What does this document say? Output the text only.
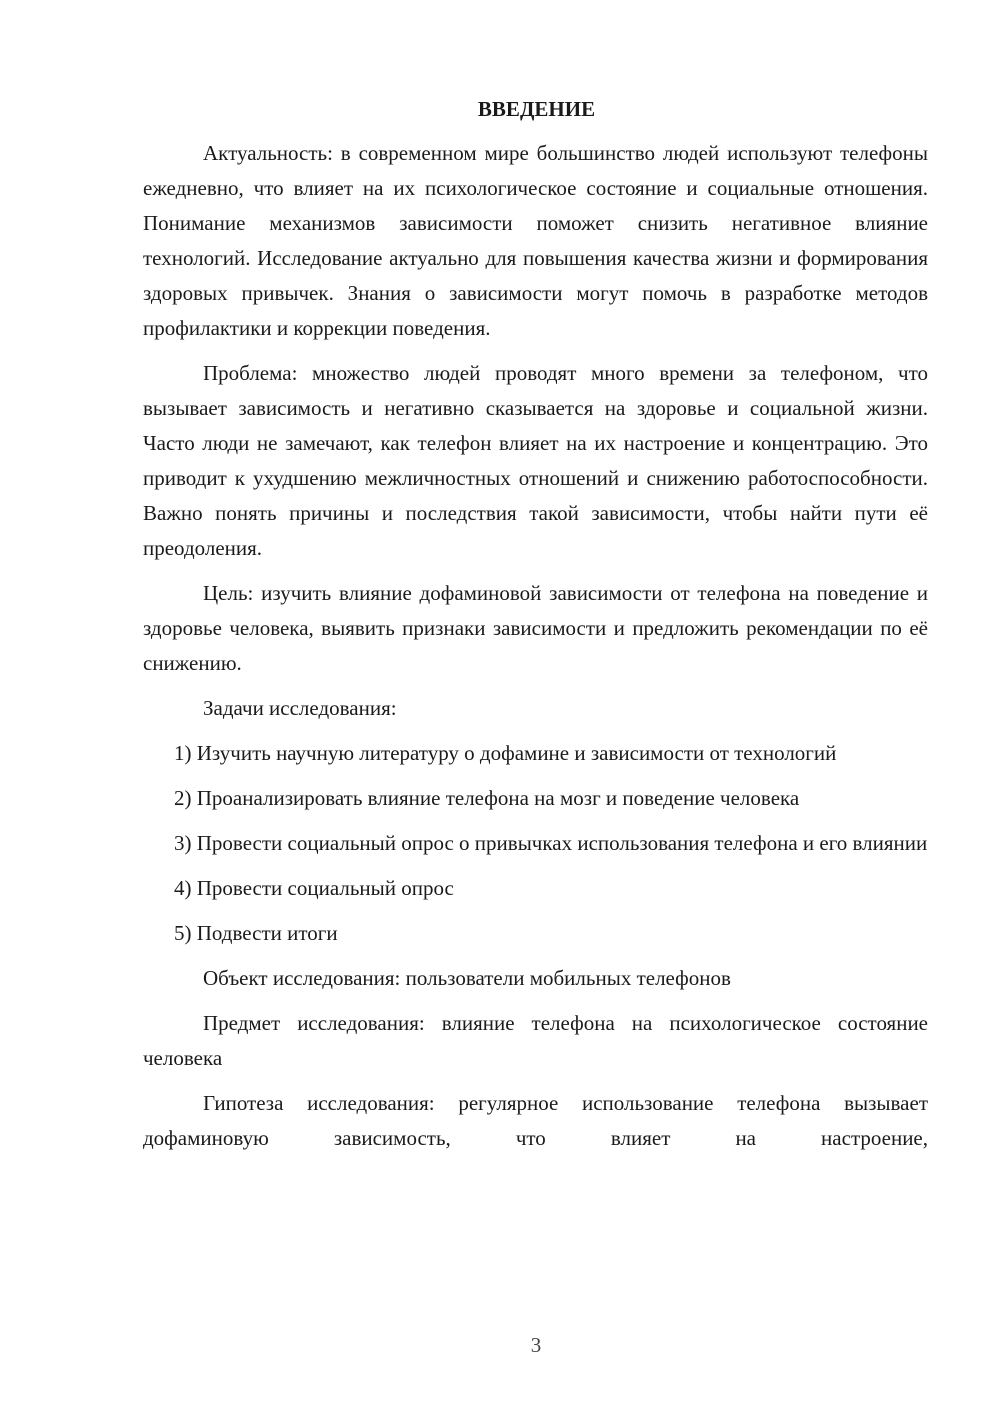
ВВЕДЕНИЕ

Актуальность: в современном мире большинство людей используют телефоны ежедневно, что влияет на их психологическое состояние и социальные отношения. Понимание механизмов зависимости поможет снизить негативное влияние технологий. Исследование актуально для повышения качества жизни и формирования здоровых привычек. Знания о зависимости могут помочь в разработке методов профилактики и коррекции поведения.

Проблема: множество людей проводят много времени за телефоном, что вызывает зависимость и негативно сказывается на здоровье и социальной жизни. Часто люди не замечают, как телефон влияет на их настроение и концентрацию. Это приводит к ухудшению межличностных отношений и снижению работоспособности. Важно понять причины и последствия такой зависимости, чтобы найти пути её преодоления.

Цель: изучить влияние дофаминовой зависимости от телефона на поведение и здоровье человека, выявить признаки зависимости и предложить рекомендации по её снижению.

Задачи исследования:

1) Изучить научную литературу о дофамине и зависимости от технологий

2) Проанализировать влияние телефона на мозг и поведение человека

3) Провести социальный опрос о привычках использования телефона и его влиянии

4) Провести социальный опрос

5) Подвести итоги

Объект исследования: пользователи мобильных телефонов

Предмет исследования: влияние телефона на психологическое состояние человека

Гипотеза исследования: регулярное использование телефона вызывает дофаминовую зависимость, что влияет на настроение,

3
